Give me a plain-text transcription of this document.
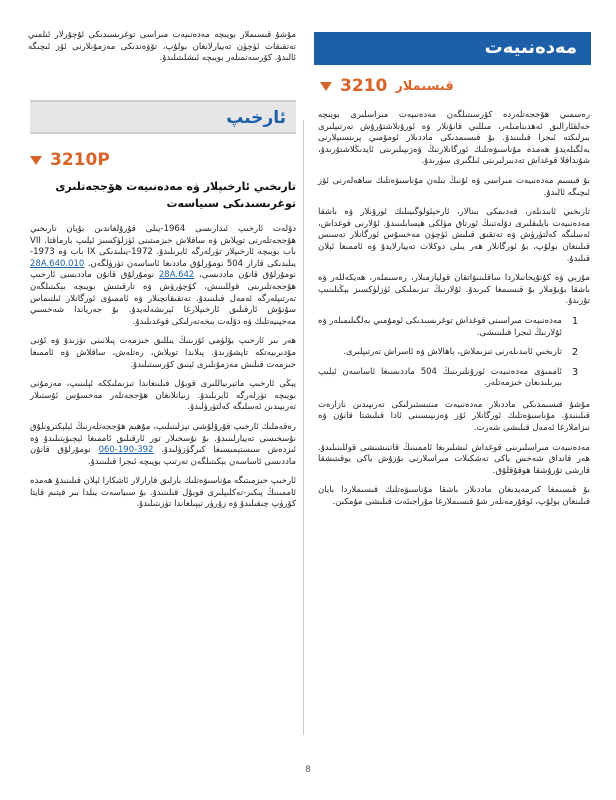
مۇشۇ قىسىملار بويىچە مەدەنىيەت مىراسى توغرىسىدىكى ئۇچۇرلار ئىلمىي تەتقىقات ئۈچۈن تەييارلانغان بولۇپ، تۆۋەندىكى مەزمۇنلارنى ئۆز ئىچىگە ئالىدۇ. كۆرسەتمىلەر بويىچە ئىشلىتىلىدۇ.

مەدەنىيەت
قىسىملار
3210

رەسمىي ھۆججەتلەردە كۆرسىتىلگەن مەدەنىيەت مىراسلىرى بويىچە خەلقئارالىق ئەھدىنامىلەر، مىللىي قانۇنلار ۋە ئورۇنلاشتۇرۇش تەرتىپلىرى بىرلىكتە ئىجرا قىلىنىدۇ. بۇ قىسىمدىكى ماددىلار ئومۇمىي پرىنسىپلارنى بەلگىلەيدۇ ھەمدە مۇناسىۋەتلىك ئورگانلارنىڭ ۋەزىپىلىرىنى ئايدىڭلاشتۇرىدۇ، شۇنداقلا قوغداش تەدبىرلىرىنى ئىلگىرى سۈرىدۇ.

بۇ قىسىم مەدەنىيەت مىراسى ۋە ئۇنىڭ بىلەن مۇناسىۋەتلىك ساھەلەرنى ئۆز ئىچىگە ئالىدۇ.

تارىخىي ئابىدىلەر، قەدىمكى بىنالار، ئارخېئولوگىيىلىك ئورۇنلار ۋە باشقا مەدەنىيەت بايلىقلىرى دۆلەتنىڭ ئورتاق مۈلكى ھېسابلىنىدۇ. ئۇلارنى قوغداش، ئەسلىگە كەلتۈرۈش ۋە تەتقىق قىلىش ئۈچۈن مەخسۇس ئورگانلار تەسىس قىلىنغان بولۇپ، بۇ ئورگانلار ھەر يىلى دوكلات تەييارلايدۇ ۋە ئاممىغا ئېلان قىلىدۇ.

مۇزېي ۋە كۇتۇپخانىلاردا ساقلىنىۋاتقان قوليازمىلار، رەسىملەر، ھەيكەللەر ۋە باشقا بۇيۇملار بۇ قىسىمغا كىرىدۇ. ئۇلارنىڭ تىزىملىكى ئۈزلۈكسىز يېڭىلىنىپ تۇرىدۇ.

1
مەدەنىيەت مىراسىنى قوغداش توغرىسىدىكى ئومۇمىي بەلگىلىمىلەر ۋە ئۇلارنىڭ ئىجرا قىلىنىشى.
2
تارىخىي ئابىدىلەرنى تىزىملاش، باھالاش ۋە ئاسراش تەرتىپلىرى.
3
ئاممىۋى مەدەنىيەت ئورۇنلىرىنىڭ 504 ماددىسىغا ئاساسەن ئېلىپ بېرىلىدىغان خىزمەتلەر.

مۇشۇ قىسىمدىكى ماددىلار مەدەنىيەت مىنىستىرلىكى تەرىپىدىن نازارەت قىلىنىدۇ. مۇناسىۋەتلىك ئورگانلار ئۆز ۋەزىپىسىنى ئادا قىلىشتا قانۇن ۋە نىزاملارغا ئەمەل قىلىشى شەرت.

مەدەنىيەت مىراسلىرىنى قوغداش ئىشلىرىغا ئاممىنىڭ قاتنىشىشى قوللىنىلىدۇ. ھەر قانداق شەخس ياكى تەشكىلات مىراسلارنى بۇزۇش ياكى يوقىتىشقا قارشى تۇرۇشقا ھوقۇقلۇق.

بۇ قىسىمغا كىرمەيدىغان ماددىلار باشقا مۇناسىۋەتلىك قىسىملاردا بايان قىلىنغان بولۇپ، ئوقۇرمەنلەر شۇ قىسىملارغا مۇراجىئەت قىلىشى مۇمكىن.

ئارخىپ
3210P
تارىخىي ئارخىپلار ۋە مەدەنىيەت ھۆججەتلىرى توغرىسىدىكى سىياسەت

دۆلەت ئارخىپ ئىدارىسى 1964-يىلى قۇرۇلغاندىن بۇيان تارىخىي ھۆججەتلەرنى توپلاش ۋە ساقلاش خىزمىتىنى ئۈزلۈكسىز ئېلىپ بارماقتا. VII باب بويىچە ئارخىپلار تۈرلەرگە ئايرىلىدۇ. 1972-يىلىدىكى IX باب ۋە 1973-يىلىدىكى قارار 504 نومۇرلۇق ماددىغا ئاساسەن تۈزۈلگەن. 28A.640.010 نومۇرلۇق قانۇن ماددىسى، 28A.642 نومۇرلۇق قانۇن ماددىسى ئارخىپ ھۆججەتلىرىنى قوللىنىش، كۆچۈرۈش ۋە تارقىتىش بويىچە بېكىتىلگەن تەرتىپلەرگە ئەمەل قىلىنىدۇ. تەتقىقاتچىلار ۋە ئاممىۋى ئورگانلار ئىلتىماس سۇنۇش ئارقىلىق ئارخىپلارغا ئېرىشەلەيدۇ. بۇ جەرياندا شەخسىي مەخپىيەتلىك ۋە دۆلەت بىخەتەرلىكى قوغدىلىدۇ.

ھەر بىر ئارخىپ بۆلۈمى ئۆزىنىڭ يىللىق خىزمەت پىلانىنى تۈزىدۇ ۋە ئۇنى مۇدىرىيەتكە تاپشۇرىدۇ. پىلاندا توپلاش، رەتلەش، ساقلاش ۋە ئاممىغا خىزمەت قىلىش مەزمۇنلىرى ئېنىق كۆرسىتىلىدۇ.

يېڭى ئارخىپ ماتېرىياللىرى قوبۇل قىلىنغاندا تىزىملىككە ئېلىنىپ، مەزمۇنى بويىچە تۈرلەرگە ئايرىلىدۇ. زىيانلانغان ھۆججەتلەر مەخسۇس ئۇستىلار تەرىپىدىن ئەسلىگە كەلتۈرۈلىدۇ.

رەقەملىك ئارخىپ قۇرۇلۇشى تېزلىتىلىپ، مۇھىم ھۆججەتلەرنىڭ ئېلېكترونلۇق نۇسخىسى تەييارلىنىدۇ. بۇ نۇسخىلار تور ئارقىلىق ئاممىغا ئېچىۋېتىلىدۇ ۋە ئىزدەش سىستېمىسىغا كىرگۈزۈلىدۇ. 392-190-060 نومۇرلۇق قانۇن ماددىسى ئاساسەن بېكىتىلگەن تەرتىپ بويىچە ئىجرا قىلىنىدۇ.

ئارخىپ خىزمىتىگە مۇناسىۋەتلىك بارلىق قارارلار ئاشكارا ئېلان قىلىنىدۇ ھەمدە ئاممىنىڭ پىكىر-تەكلىپلىرى قوبۇل قىلىنىدۇ. بۇ سىياسەت يىلدا بىر قېتىم قايتا كۆرۈپ چىقىلىدۇ ۋە زۆرۈر تېپىلغاندا تۈزىتىلىدۇ.

8
